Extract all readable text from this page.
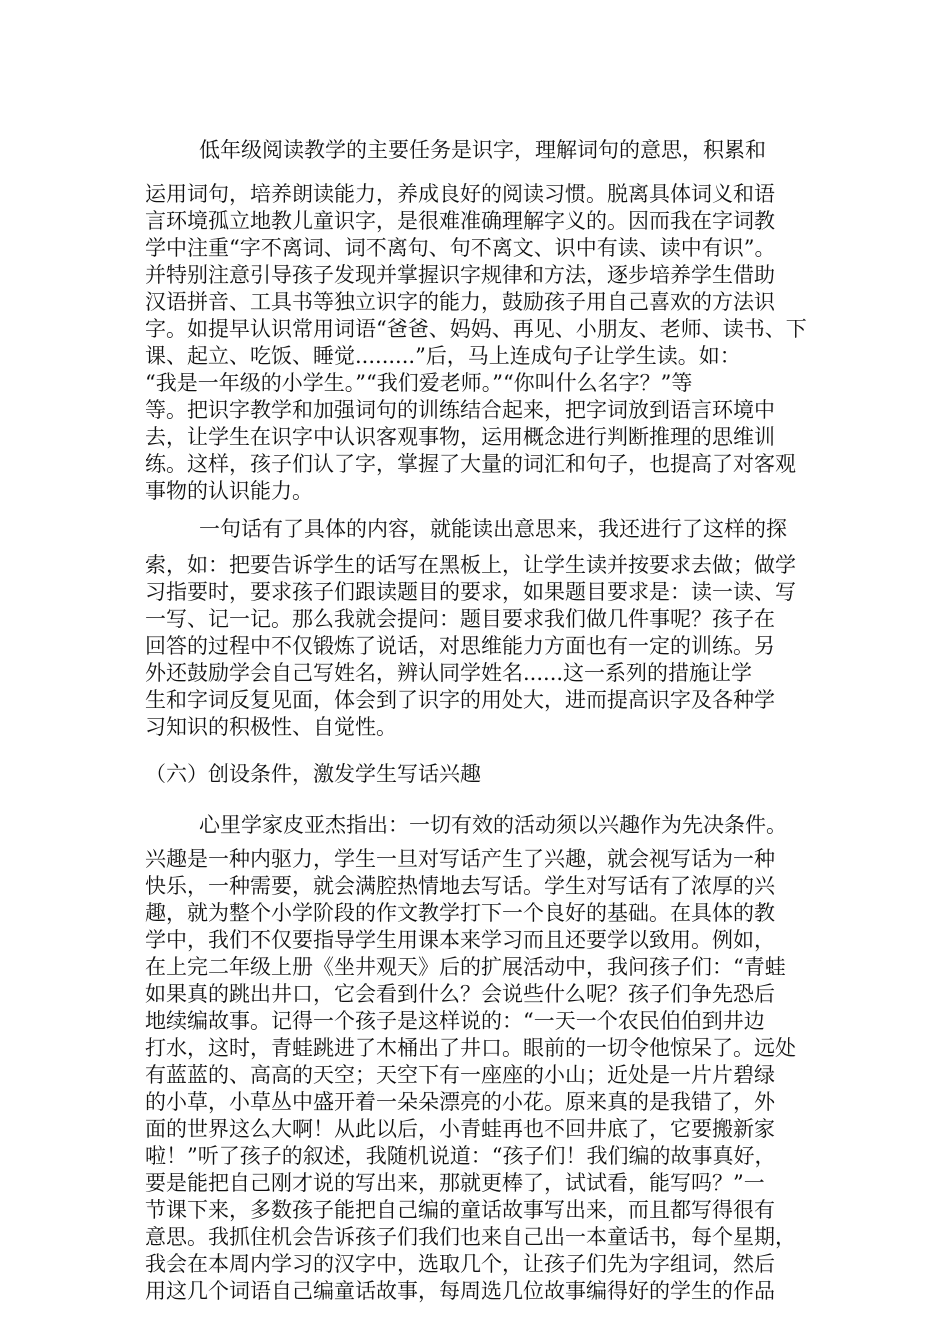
低年级阅读教学的主要任务是识字，理解词句的意思，积累和
运用词句，培养朗读能力，养成良好的阅读习惯。脱离具体词义和语
言环境孤立地教儿童识字，是很难准确理解字义的。因而我在字词教
学中注重“字不离词、词不离句、句不离文、识中有读、读中有识”。
并特别注意引导孩子发现并掌握识字规律和方法，逐步培养学生借助
汉语拼音、工具书等独立识字的能力，鼓励孩子用自己喜欢的方法识
字。如提早认识常用词语“爸爸、妈妈、再见、小朋友、老师、读书、下
课、起立、吃饭、睡觉.........”后，马上连成句子让学生读。如：
“我是一年级的小学生。”“我们爱老师。”“你叫什么名字？”等
等。把识字教学和加强词句的训练结合起来，把字词放到语言环境中
去，让学生在识字中认识客观事物，运用概念进行判断推理的思维训
练。这样，孩子们认了字，掌握了大量的词汇和句子，也提高了对客观
事物的认识能力。
一句话有了具体的内容，就能读出意思来，我还进行了这样的探
索，如：把要告诉学生的话写在黑板上，让学生读并按要求去做；做学
习指要时，要求孩子们跟读题目的要求，如果题目要求是：读一读、写
一写、记一记。那么我就会提问：题目要求我们做几件事呢？孩子在
回答的过程中不仅锻炼了说话，对思维能力方面也有一定的训练。另
外还鼓励学会自己写姓名，辨认同学姓名......这一系列的措施让学
生和字词反复见面，体会到了识字的用处大，进而提高识字及各种学
习知识的积极性、自觉性。
（六）创设条件，激发学生写话兴趣
心里学家皮亚杰指出：一切有效的活动须以兴趣作为先决条件。
兴趣是一种内驱力，学生一旦对写话产生了兴趣，就会视写话为一种
快乐，一种需要，就会满腔热情地去写话。学生对写话有了浓厚的兴
趣，就为整个小学阶段的作文教学打下一个良好的基础。在具体的教
学中，我们不仅要指导学生用课本来学习而且还要学以致用。例如，
在上完二年级上册《坐井观天》后的扩展活动中，我问孩子们：“青蛙
如果真的跳出井口，它会看到什么？会说些什么呢？孩子们争先恐后
地续编故事。记得一个孩子是这样说的：“一天一个农民伯伯到井边
打水，这时，青蛙跳进了木桶出了井口。眼前的一切令他惊呆了。远处
有蓝蓝的、高高的天空；天空下有一座座的小山；近处是一片片碧绿
的小草，小草丛中盛开着一朵朵漂亮的小花。原来真的是我错了，外
面的世界这么大啊！从此以后，小青蛙再也不回井底了，它要搬新家
啦！”听了孩子的叙述，我随机说道：“孩子们！我们编的故事真好，
要是能把自己刚才说的写出来，那就更棒了，试试看，能写吗？”一
节课下来，多数孩子能把自己编的童话故事写出来，而且都写得很有
意思。我抓住机会告诉孩子们我们也来自己出一本童话书，每个星期，
我会在本周内学习的汉字中，选取几个，让孩子们先为字组词，然后
用这几个词语自己编童话故事，每周选几位故事编得好的学生的作品
